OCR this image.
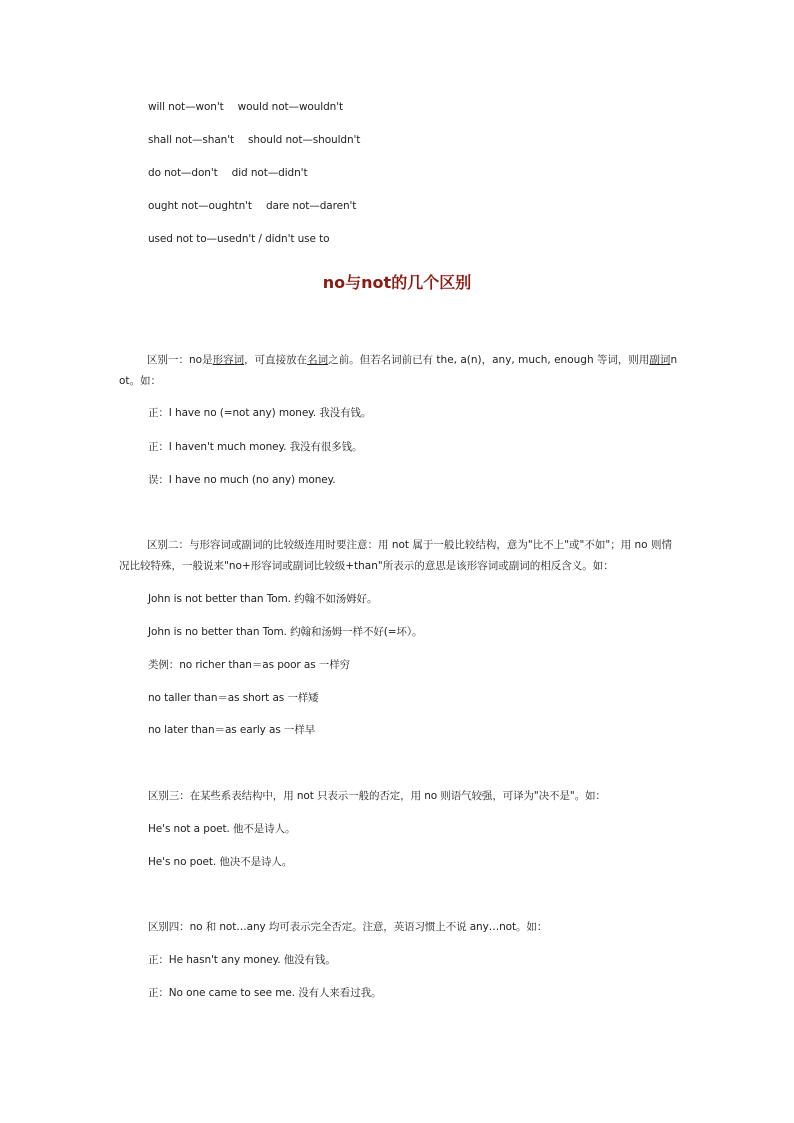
will not—won't would not—wouldn't
shall not—shan't should not—shouldn't
do not—don't did not—didn't
ought not—oughtn't dare not—daren't
used not to—usedn't / didn't use to
no与not的几个区别
区别一：no是形容词，可直接放在名词之前。但若名词前已有 the, a(n)，any, much, enough 等词，则用副词not。如：
正：I have no (=not any) money. 我没有钱。
正：I haven't much money. 我没有很多钱。
误：I have no much (no any) money.
区别二：与形容词或副词的比较级连用时要注意：用 not 属于一般比较结构，意为"比不上"或"不如"；用 no 则情况比较特殊，一般说来"no+形容词或副词比较级+than"所表示的意思是该形容词或副词的相反含义。如：
John is not better than Tom. 约翰不如汤姆好。
John is no better than Tom. 约翰和汤姆一样不好(=坏）。
类例：no richer than＝as poor as 一样穷
no taller than＝as short as 一样矮
no later than＝as early as 一样早
区别三：在某些系表结构中，用 not 只表示一般的否定，用 no 则语气较强，可译为"决不是"。如：
He's not a poet. 他不是诗人。
He's no poet. 他决不是诗人。
区别四：no 和 not…any 均可表示完全否定。注意，英语习惯上不说 any…not。如：
正：He hasn't any money. 他没有钱。
正：No one came to see me. 没有人来看过我。
